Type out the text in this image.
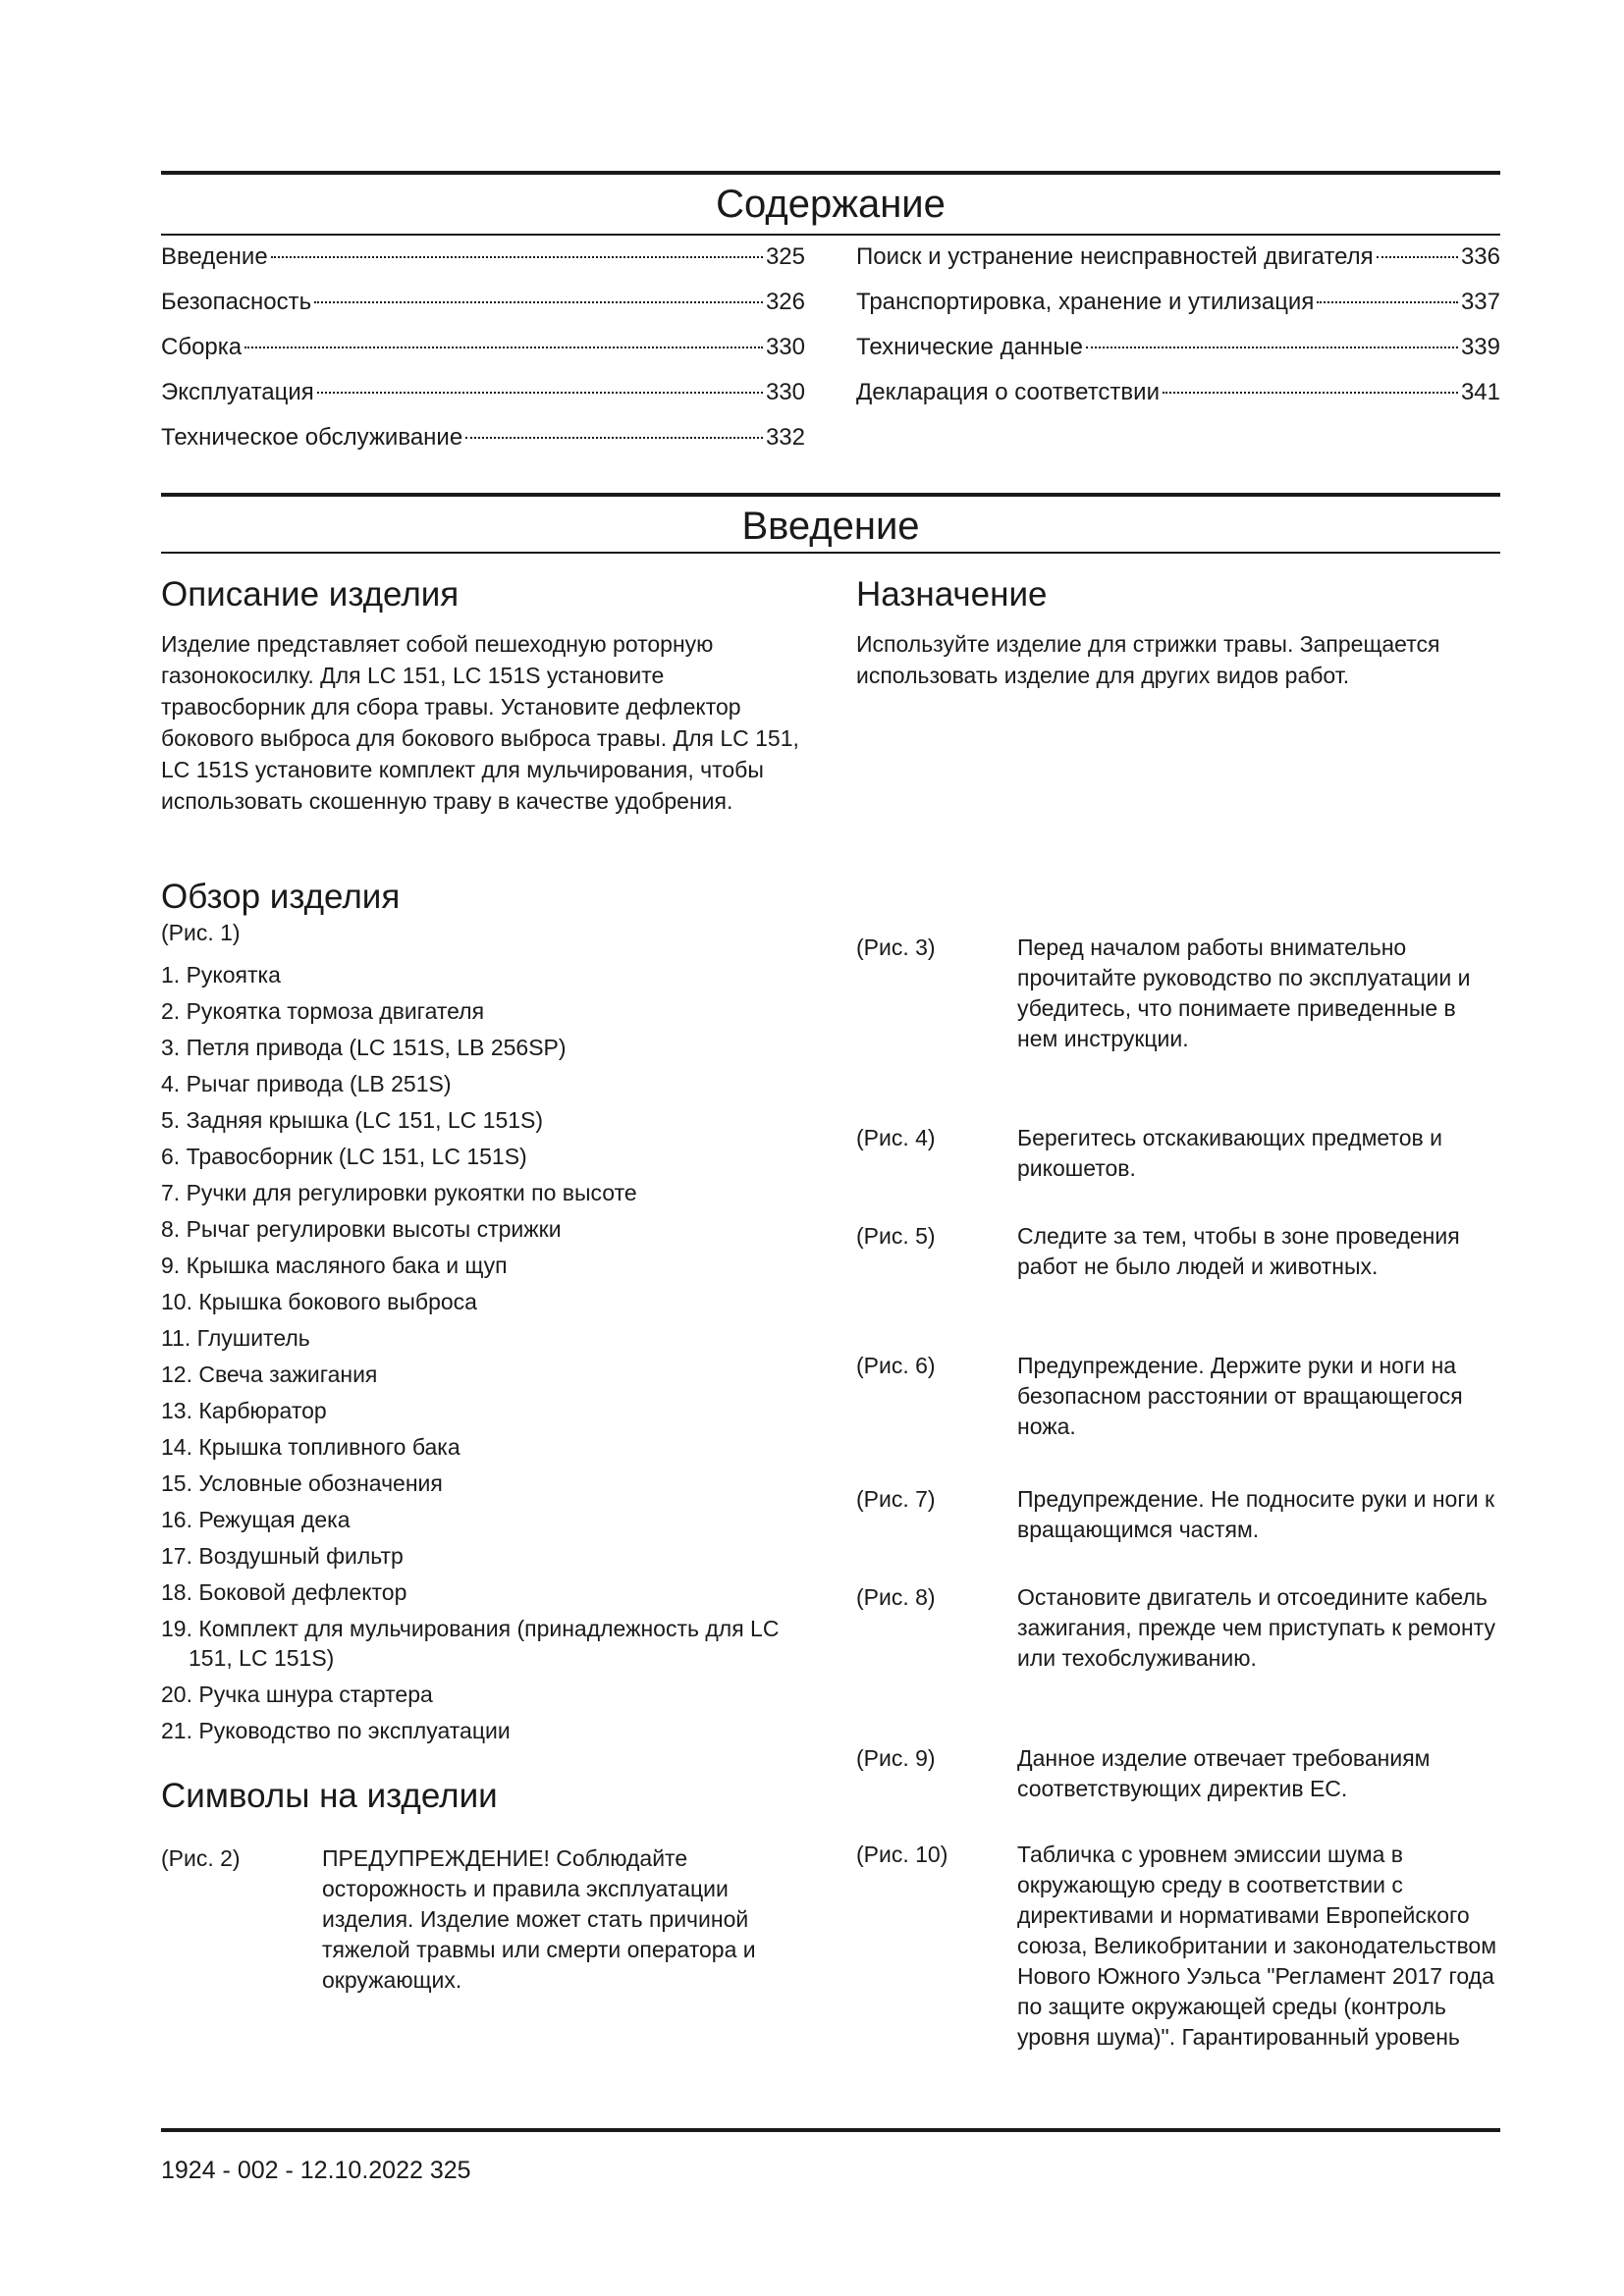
Содержание
Введение	325
Безопасность	326
Сборка	330
Эксплуатация	330
Техническое обслуживание	332
Поиск и устранение неисправностей двигателя	336
Транспортировка, хранение и утилизация	337
Технические данные	339
Декларация о соответствии	341
Введение
Описание изделия

Изделие представляет собой пешеходную роторную газонокосилку. Для LC 151, LC 151S установите травосборник для сбора травы. Установите дефлектор бокового выброса для бокового выброса травы. Для LC 151, LC 151S установите комплект для мульчирования, чтобы использовать скошенную траву в качестве удобрения.

Назначение

Используйте изделие для стрижки травы. Запрещается использовать изделие для других видов работ.

Обзор изделия

(Рис. 1)

1. Рукоятка
2. Рукоятка тормоза двигателя
3. Петля привода (LC 151S, LB 256SP)
4. Рычаг привода (LB 251S)
5. Задняя крышка (LC 151, LC 151S)
6. Травосборник (LC 151, LC 151S)
7. Ручки для регулировки рукоятки по высоте
8. Рычаг регулировки высоты стрижки
9. Крышка масляного бака и щуп
10. Крышка бокового выброса
11. Глушитель
12. Свеча зажигания
13. Карбюратор
14. Крышка топливного бака
15. Условные обозначения
16. Режущая дека
17. Воздушный фильтр
18. Боковой дефлектор
19. Комплект для мульчирования (принадлежность для LC 151, LC 151S)
20. Ручка шнура стартера
21. Руководство по эксплуатации
Символы на изделии
(Рис. 2)	ПРЕДУПРЕЖДЕНИЕ! Соблюдайте осторожность и правила эксплуатации изделия. Изделие может стать причиной тяжелой травмы или смерти оператора и окружающих.
(Рис. 3)	Перед началом работы внимательно прочитайте руководство по эксплуатации и убедитесь, что понимаете приведенные в нем инструкции.
(Рис. 4)	Берегитесь отскакивающих предметов и рикошетов.
(Рис. 5)	Следите за тем, чтобы в зоне проведения работ не было людей и животных.
(Рис. 6)	Предупреждение. Держите руки и ноги на безопасном расстоянии от вращающегося ножа.
(Рис. 7)	Предупреждение. Не подносите руки и ноги к вращающимся частям.
(Рис. 8)	Остановите двигатель и отсоедините кабель зажигания, прежде чем приступать к ремонту или техобслуживанию.
(Рис. 9)	Данное изделие отвечает требованиям соответствующих директив ЕС.
(Рис. 10)	Табличка с уровнем эмиссии шума в окружающую среду в соответствии с директивами и нормативами Европейского союза, Великобритании и законодательством Нового Южного Уэльса "Регламент 2017 года по защите окружающей среды (контроль уровня шума)". Гарантированный уровень
1924 - 002 - 12.10.2022 325
